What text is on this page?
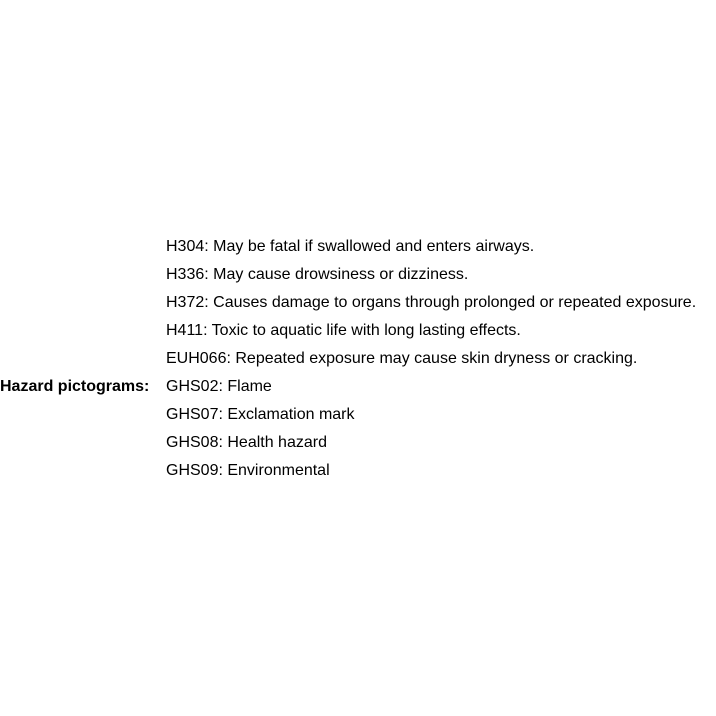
H304: May be fatal if swallowed and enters airways.
H336: May cause drowsiness or dizziness.
H372: Causes damage to organs through prolonged or repeated exposure.
H411: Toxic to aquatic life with long lasting effects.
EUH066: Repeated exposure may cause skin dryness or cracking.
Hazard pictograms:	GHS02: Flame
GHS07: Exclamation mark
GHS08: Health hazard
GHS09: Environmental
